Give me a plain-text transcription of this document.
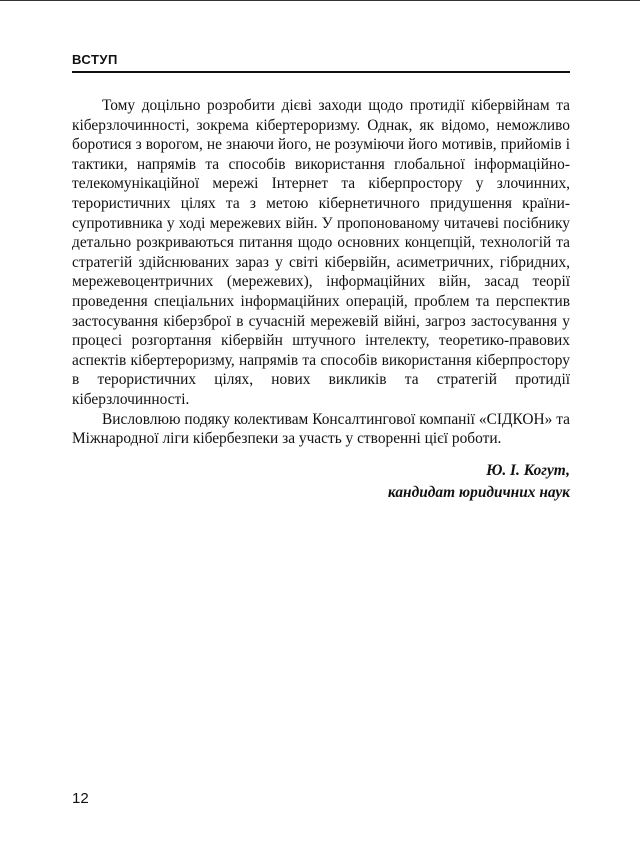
ВСТУП

Тому доцільно розробити дієві заходи щодо протидії кібервійнам та кіберзлочинності, зокрема кібертероризму. Однак, як відомо, неможливо боротися з ворогом, не знаючи його, не розуміючи його мотивів, прийомів і тактики, напрямів та способів використання глобальної інформаційно-телекомунікаційної мережі Інтернет та кіберпростору у злочинних, терористичних цілях та з метою кібернетичного придушення країни-супротивника у ході мережевих війн. У пропонованому читачеві посібнику детально розкриваються питання щодо основних концепцій, технологій та стратегій здійснюваних зараз у світі кібервійн, асиметричних, гібридних, мережевоцентричних (мережевих), інформаційних війн, засад теорії проведення спеціальних інформаційних операцій, проблем та перспектив застосування кіберзброї в сучасній мережевій війні, загроз застосування у процесі розгортання кібервійн штучного інтелекту, теоретико-правових аспектів кібертероризму, напрямів та способів використання кіберпростору в терористичних цілях, нових викликів та стратегій протидії кіберзлочинності.

Висловлюю подяку колективам Консалтингової компанії «СІДКОН» та Міжнародної ліги кібербезпеки за участь у створенні цієї роботи.

Ю. І. Когут,
кандидат юридичних наук
12
